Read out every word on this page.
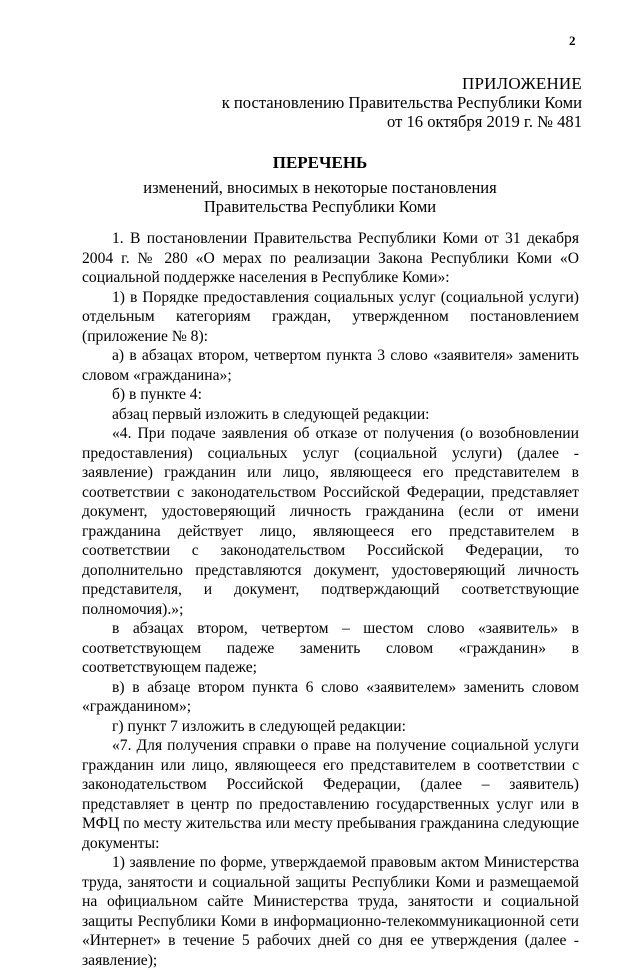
2
ПРИЛОЖЕНИЕ
к постановлению Правительства Республики Коми
от 16 октября 2019 г. № 481
ПЕРЕЧЕНЬ
изменений, вносимых в некоторые постановления
Правительства Республики Коми

1. В постановлении Правительства Республики Коми от 31 декабря 2004 г. № 280 «О мерах по реализации Закона Республики Коми «О социальной поддержке населения в Республике Коми»:

1) в Порядке предоставления социальных услуг (социальной услуги) отдельным категориям граждан, утвержденном постановлением (приложение № 8):

а) в абзацах втором, четвертом пункта 3 слово «заявителя» заменить словом «гражданина»;

б) в пункте 4:

абзац первый изложить в следующей редакции:

«4. При подаче заявления об отказе от получения (о возобновлении предоставления) социальных услуг (социальной услуги) (далее - заявление) гражданин или лицо, являющееся его представителем в соответствии с законодательством Российской Федерации, представляет документ, удостоверяющий личность гражданина (если от имени гражданина действует лицо, являющееся его представителем в соответствии с законодательством Российской Федерации, то дополнительно представляются документ, удостоверяющий личность представителя, и документ, подтверждающий соответствующие полномочия).»;

в абзацах втором, четвертом – шестом слово «заявитель» в соответствующем падеже заменить словом «гражданин» в соответствующем падеже;

в) в абзаце втором пункта 6 слово «заявителем» заменить словом «гражданином»;

г) пункт 7 изложить в следующей редакции:

«7. Для получения справки о праве на получение социальной услуги гражданин или лицо, являющееся его представителем в соответствии с законодательством Российской Федерации, (далее – заявитель) представляет в центр по предоставлению государственных услуг или в МФЦ по месту жительства или месту пребывания гражданина следующие документы:

1) заявление по форме, утверждаемой правовым актом Министерства труда, занятости и социальной защиты Республики Коми и размещаемой на официальном сайте Министерства труда, занятости и социальной защиты Республики Коми в информационно-телекоммуникационной сети «Интернет» в течение 5 рабочих дней со дня ее утверждения (далее - заявление);
